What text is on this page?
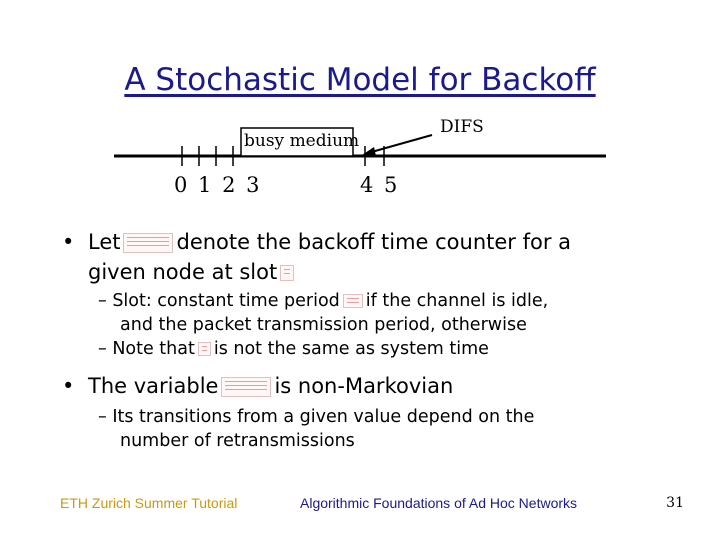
A Stochastic Model for Backoff
busy medium
DIFS
0 1 2 3	4 5
• Let	denote the backoff time counter for a
given node at slot
– Slot: constant time period if the channel is idle,
and the packet transmission period, otherwise
– Note that is not the same as system time
• The variable	is non-Markovian
– Its transitions from a given value depend on the
number of retransmissions
ETH Zurich Summer Tutorial	Algorithmic Foundations of Ad Hoc Networks	31
